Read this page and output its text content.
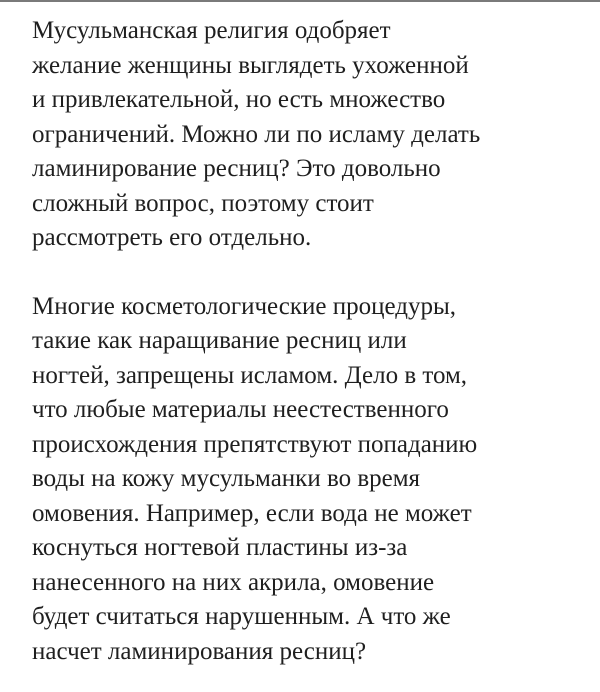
Мусульманская религия одобряет
желание женщины выглядеть ухоженной
и привлекательной, но есть множество
ограничений. Можно ли по исламу делать
ламинирование ресниц? Это довольно
сложный вопрос, поэтому стоит
рассмотреть его отдельно.

Многие косметологические процедуры,
такие как наращивание ресниц или
ногтей, запрещены исламом. Дело в том,
что любые материалы неестественного
происхождения препятствуют попаданию
воды на кожу мусульманки во время
омовения. Например, если вода не может
коснуться ногтевой пластины из-за
нанесенного на них акрила, омовение
будет считаться нарушенным. А что же
насчет ламинирования ресниц?
